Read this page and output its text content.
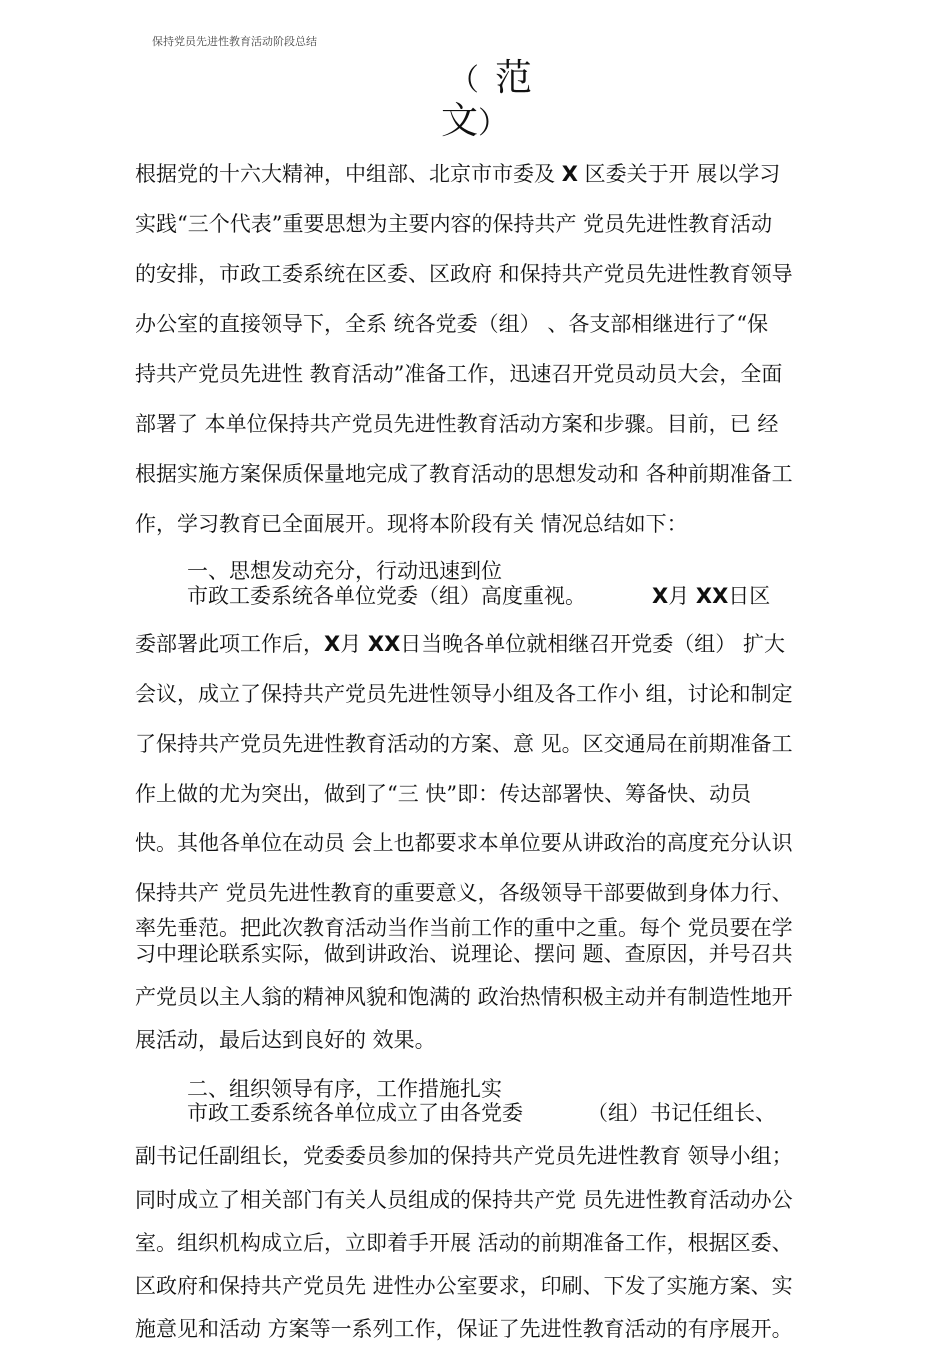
保持党员先进性教育活动阶段总结
（ 范
文）
根据党的十六大精神，中组部、北京市市委及 X 区委关于开 展以学习
实践“三个代表”重要思想为主要内容的保持共产 党员先进性教育活动
的安排，市政工委系统在区委、区政府 和保持共产党员先进性教育领导
办公室的直接领导下，全系 统各党委（组） 、各支部相继进行了“保
持共产党员先进性 教育活动”准备工作，迅速召开党员动员大会，全面
部署了 本单位保持共产党员先进性教育活动方案和步骤。目前，已 经
根据实施方案保质保量地完成了教育活动的思想发动和 各种前期准备工
作，学习教育已全面展开。现将本阶段有关 情况总结如下：
一、思想发动充分，行动迅速到位
市政工委系统各单位党委（组）高度重视。	X月 XX日区
委部署此项工作后，X月 XX日当晚各单位就相继召开党委（组） 扩大
会议，成立了保持共产党员先进性领导小组及各工作小 组，讨论和制定
了保持共产党员先进性教育活动的方案、意 见。区交通局在前期准备工
作上做的尤为突出，做到了“三 快”即：传达部署快、筹备快、动员
快。其他各单位在动员 会上也都要求本单位要从讲政治的高度充分认识
保持共产 党员先进性教育的重要意义，各级领导干部要做到身体力行、
率先垂范。把此次教育活动当作当前工作的重中之重。每个 党员要在学
习中理论联系实际，做到讲政治、说理论、摆问 题、查原因，并号召共
产党员以主人翁的精神风貌和饱满的 政治热情积极主动并有制造性地开
展活动，最后达到良好的 效果。
二、组织领导有序，工作措施扎实
市政工委系统各单位成立了由各党委	（组）书记任组长、
副书记任副组长，党委委员参加的保持共产党员先进性教育 领导小组；
同时成立了相关部门有关人员组成的保持共产党 员先进性教育活动办公
室。组织机构成立后，立即着手开展 活动的前期准备工作，根据区委、
区政府和保持共产党员先 进性办公室要求，印刷、下发了实施方案、实
施意见和活动 方案等一系列工作，保证了先进性教育活动的有序展开。
